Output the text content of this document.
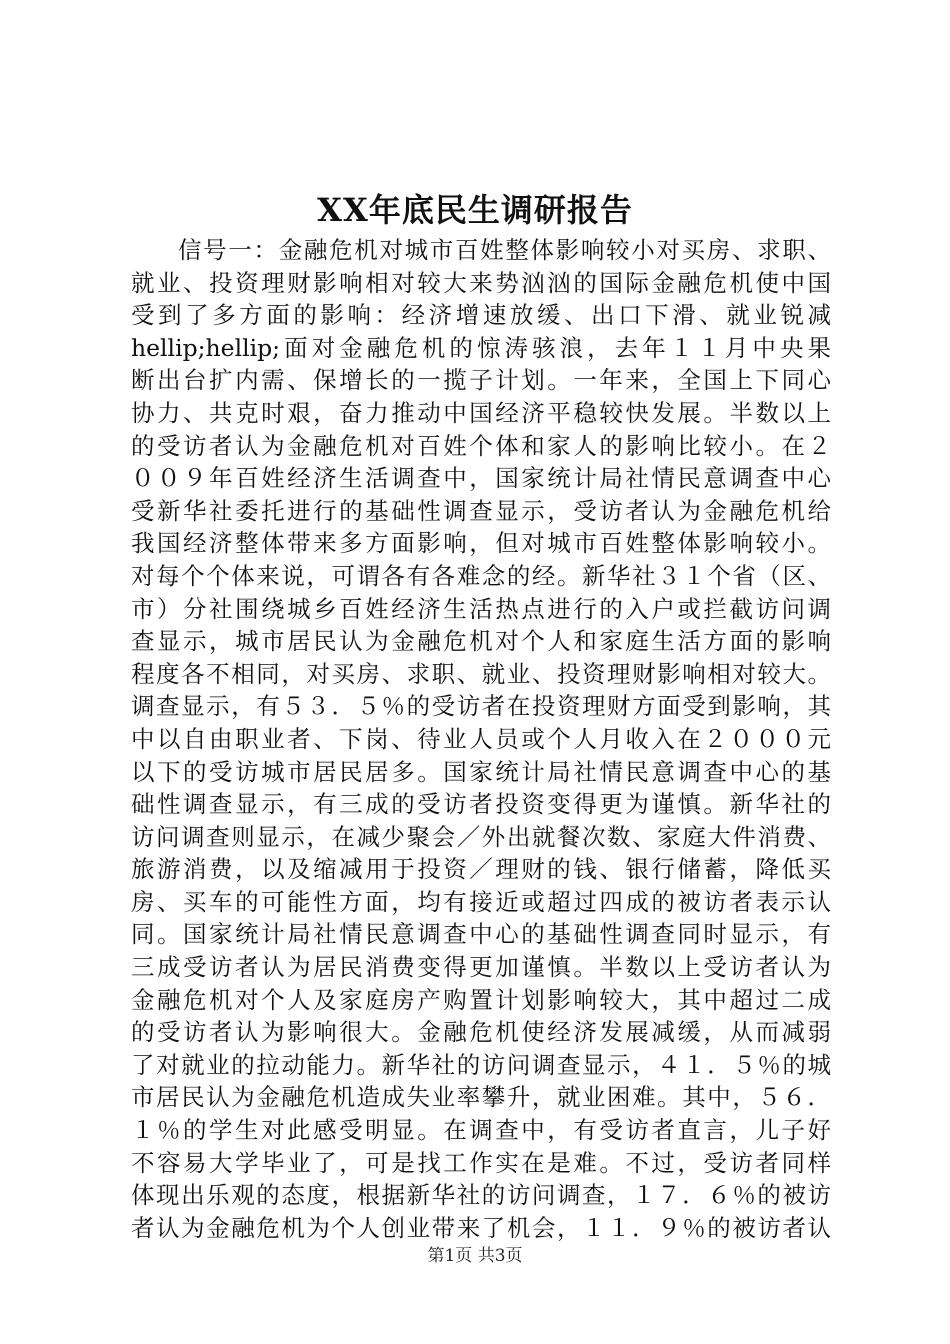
XX年底民生调研报告
信号一：金融危机对城市百姓整体影响较小对买房、求职、
就业、投资理财影响相对较大来势汹汹的国际金融危机使中国
受到了多方面的影响：经济增速放缓、出口下滑、就业锐减
hellip;hellip;面对金融危机的惊涛骇浪，去年１１月中央果
断出台扩内需、保增长的一揽子计划。一年来，全国上下同心
协力、共克时艰，奋力推动中国经济平稳较快发展。半数以上
的受访者认为金融危机对百姓个体和家人的影响比较小。在２
００９年百姓经济生活调查中，国家统计局社情民意调查中心
受新华社委托进行的基础性调查显示，受访者认为金融危机给
我国经济整体带来多方面影响，但对城市百姓整体影响较小。
对每个个体来说，可谓各有各难念的经。新华社３１个省（区、
市）分社围绕城乡百姓经济生活热点进行的入户或拦截访问调
查显示，城市居民认为金融危机对个人和家庭生活方面的影响
程度各不相同，对买房、求职、就业、投资理财影响相对较大。
调查显示，有５３．５％的受访者在投资理财方面受到影响，其
中以自由职业者、下岗、待业人员或个人月收入在２０００元
以下的受访城市居民居多。国家统计局社情民意调查中心的基
础性调查显示，有三成的受访者投资变得更为谨慎。新华社的
访问调查则显示，在减少聚会／外出就餐次数、家庭大件消费、
旅游消费，以及缩减用于投资／理财的钱、银行储蓄，降低买
房、买车的可能性方面，均有接近或超过四成的被访者表示认
同。国家统计局社情民意调查中心的基础性调查同时显示，有
三成受访者认为居民消费变得更加谨慎。半数以上受访者认为
金融危机对个人及家庭房产购置计划影响较大，其中超过二成
的受访者认为影响很大。金融危机使经济发展减缓，从而减弱
了对就业的拉动能力。新华社的访问调查显示，４１．５％的城
市居民认为金融危机造成失业率攀升，就业困难。其中，５６．
１％的学生对此感受明显。在调查中，有受访者直言，儿子好
不容易大学毕业了，可是找工作实在是难。不过，受访者同样
体现出乐观的态度，根据新华社的访问调查，１７．６％的被访
者认为金融危机为个人创业带来了机会，１１．９％的被访者认
第1页 共3页
